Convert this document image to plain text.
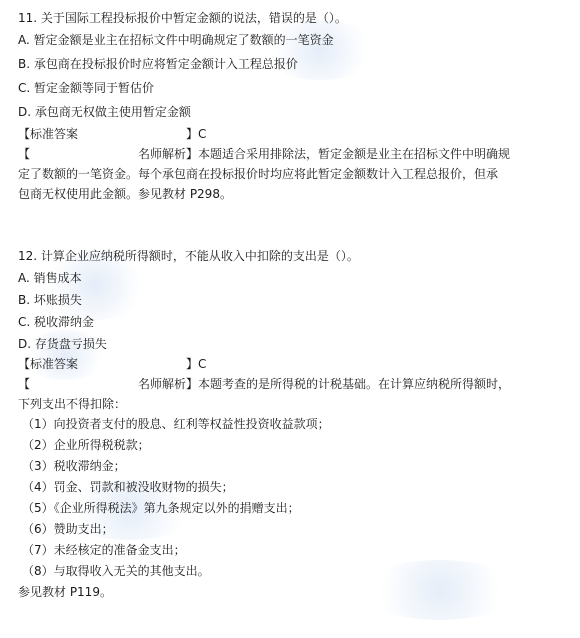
11. 关于国际工程投标报价中暂定金额的说法，错误的是（）。
A. 暂定金额是业主在招标文件中明确规定了数额的一笔资金
B. 承包商在投标报价时应将暂定金额计入工程总报价
C. 暂定金额等同于暂估价
D. 承包商无权做主使用暂定金额
【标准答案	】C
【	名师解析】本题适合采用排除法，暂定金额是业主在招标文件中明确规
定了数额的一笔资金。每个承包商在投标报价时均应将此暂定金额数计入工程总报价，但承
包商无权使用此金额。参见教材 P298。
12. 计算企业应纳税所得额时，不能从收入中扣除的支出是（）。
A. 销售成本
B. 坏账损失
C. 税收滞纳金
D. 存货盘亏损失
【标准答案	】C
【	名师解析】本题考查的是所得税的计税基础。在计算应纳税所得额时，
下列支出不得扣除：
（1）向投资者支付的股息、红利等权益性投资收益款项；
（2）企业所得税税款；
（3）税收滞纳金；
（4）罚金、罚款和被没收财物的损失；
（5）《企业所得税法》第九条规定以外的捐赠支出；
（6）赞助支出；
（7）未经核定的准备金支出；
（8）与取得收入无关的其他支出。
参见教材 P119。
